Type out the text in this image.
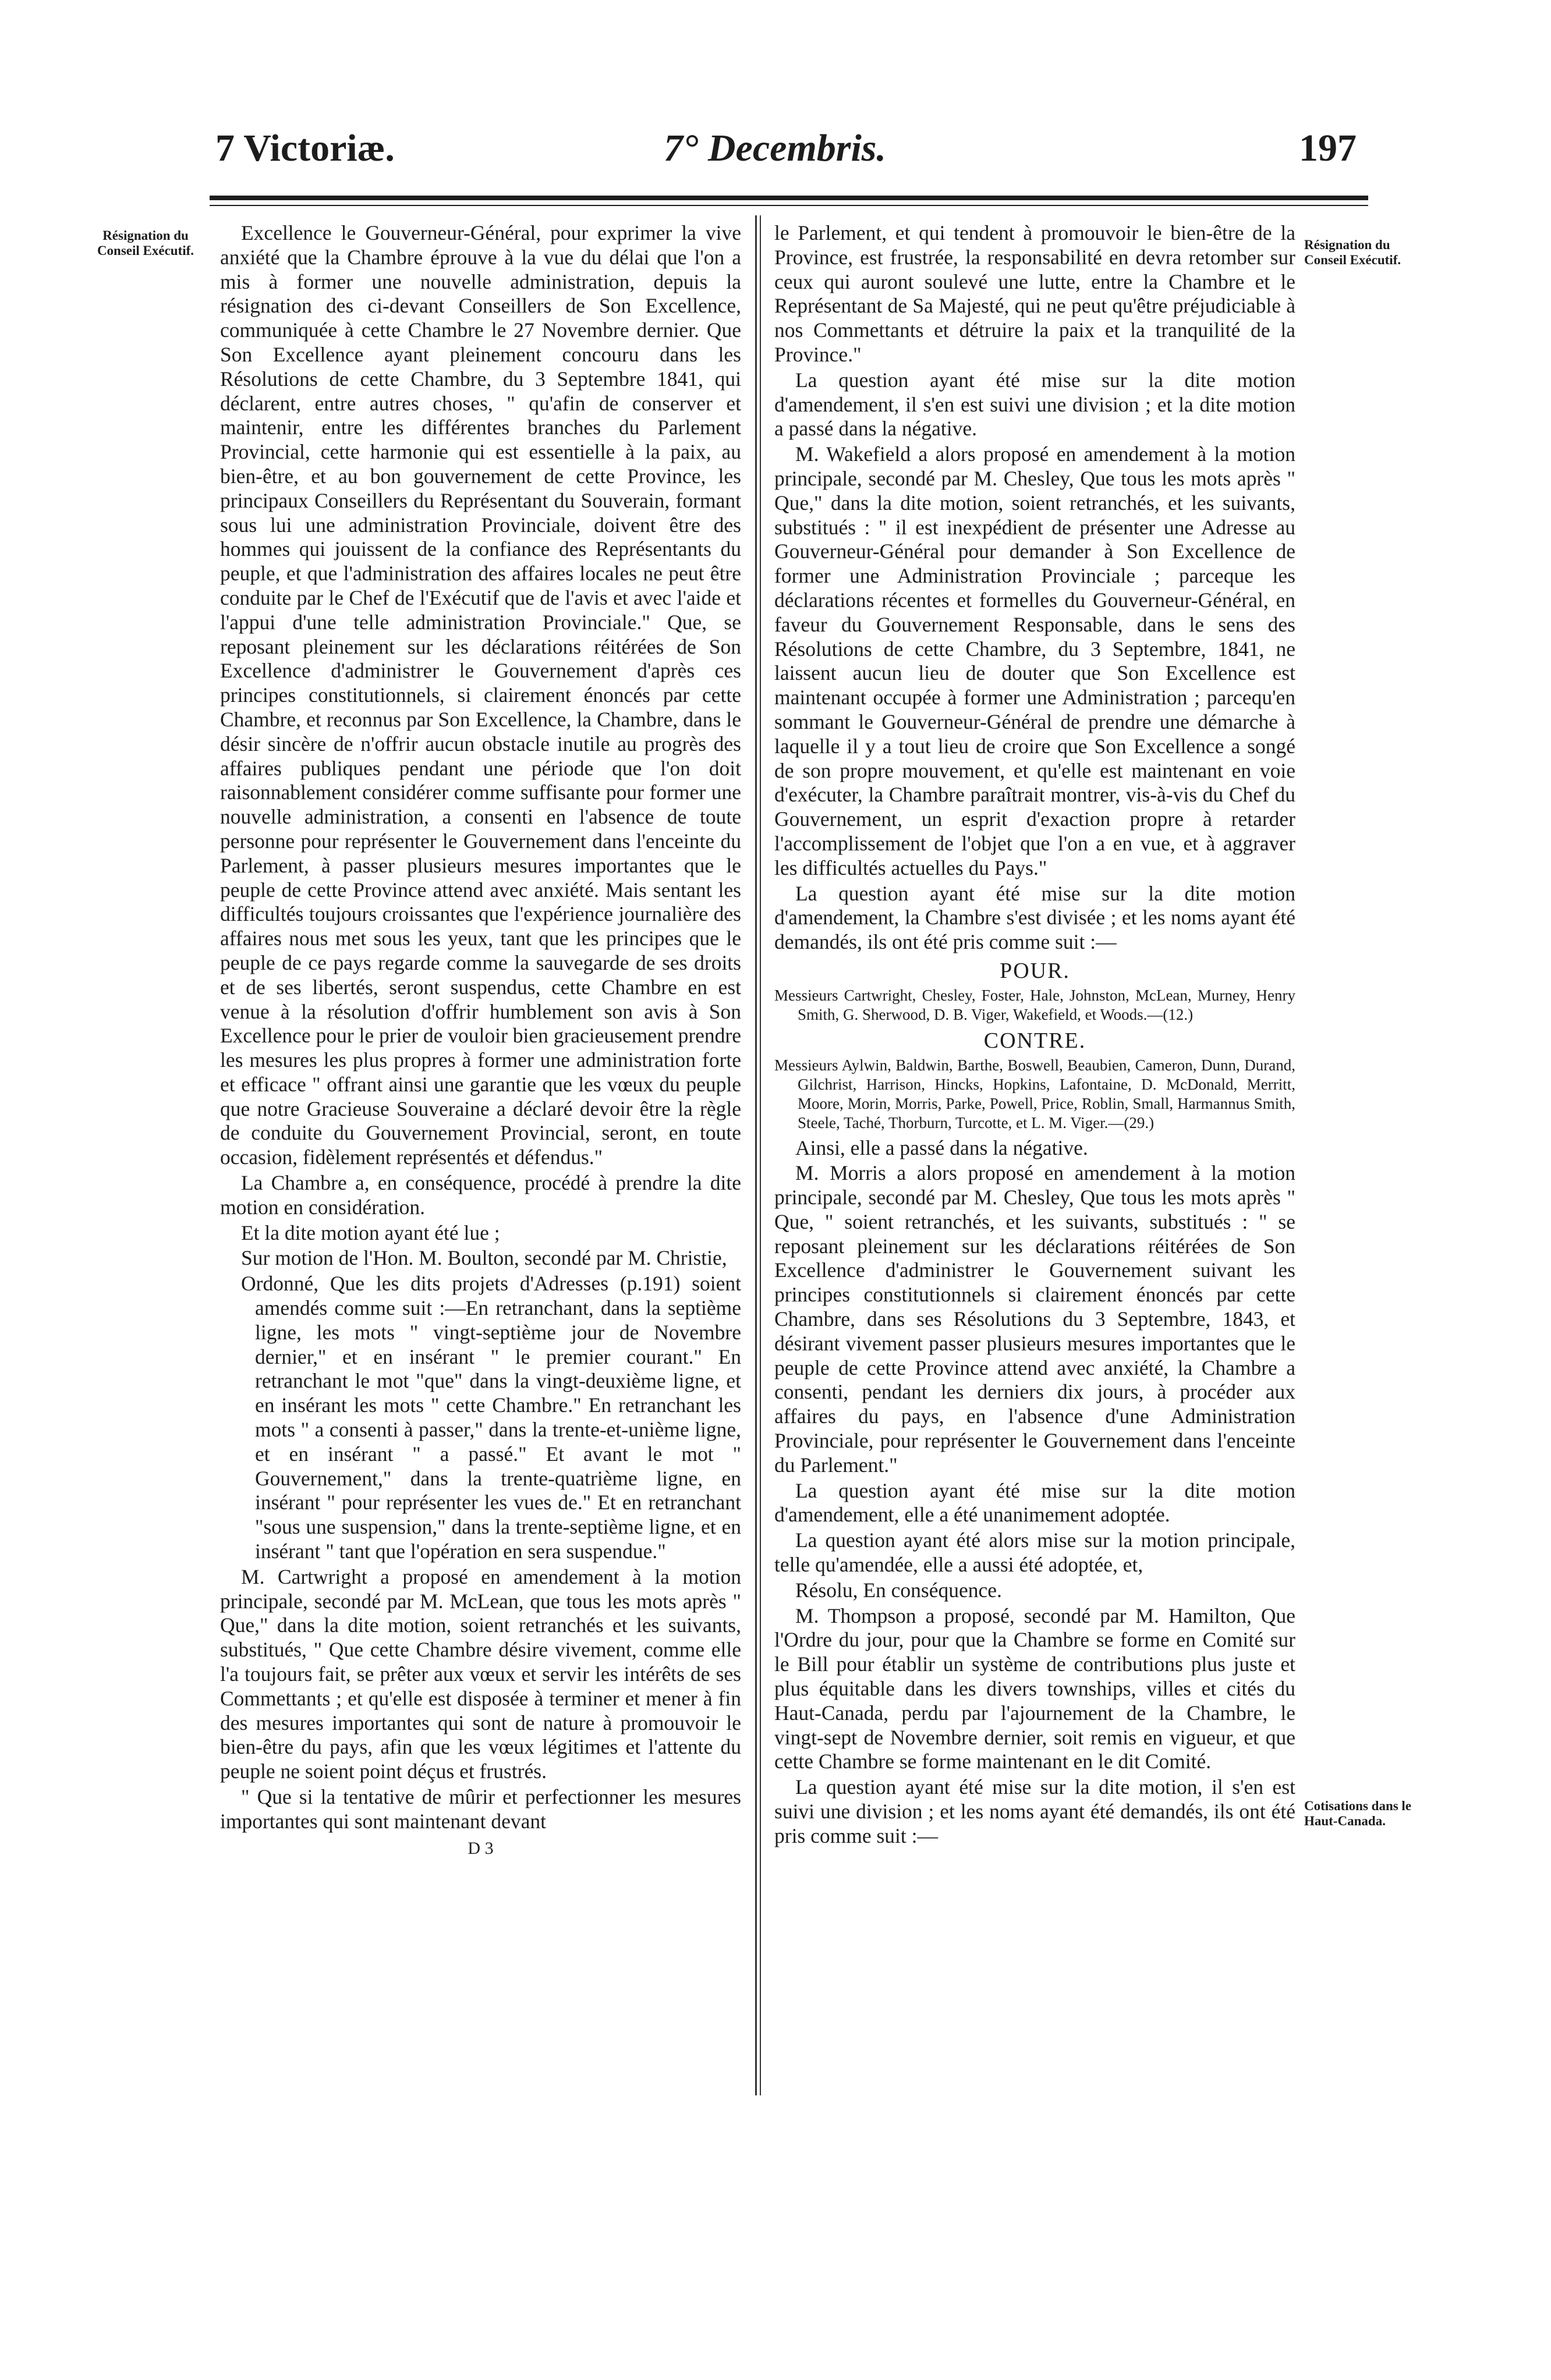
7 Victoriæ.	7° Decembris.	197
Résignation du Conseil Exécutif.	Résignation du Conseil Exécutif.
Cotisations dans le Haut-Canada.

Excellence le Gouverneur-Général, pour exprimer la vive anxiété que la Chambre éprouve à la vue du délai que l'on a mis à former une nouvelle administration, depuis la résignation des ci-devant Conseillers de Son Excellence, communiquée à cette Chambre le 27 Novembre dernier. Que Son Excellence ayant pleinement concouru dans les Résolutions de cette Chambre, du 3 Septembre 1841, qui déclarent, entre autres choses, " qu'afin de conserver et maintenir, entre les différentes branches du Parlement Provincial, cette harmonie qui est essentielle à la paix, au bien-être, et au bon gouvernement de cette Province, les principaux Conseillers du Représentant du Souverain, formant sous lui une administration Provinciale, doivent être des hommes qui jouissent de la confiance des Représentants du peuple, et que l'administration des affaires locales ne peut être conduite par le Chef de l'Exécutif que de l'avis et avec l'aide et l'appui d'une telle administration Provinciale." Que, se reposant pleinement sur les déclarations réitérées de Son Excellence d'administrer le Gouvernement d'après ces principes constitutionnels, si clairement énoncés par cette Chambre, et reconnus par Son Excellence, la Chambre, dans le désir sincère de n'offrir aucun obstacle inutile au progrès des affaires publiques pendant une période que l'on doit raisonnablement considérer comme suffisante pour former une nouvelle administration, a consenti en l'absence de toute personne pour représenter le Gouvernement dans l'enceinte du Parlement, à passer plusieurs mesures importantes que le peuple de cette Province attend avec anxiété. Mais sentant les difficultés toujours croissantes que l'expérience journalière des affaires nous met sous les yeux, tant que les principes que le peuple de ce pays regarde comme la sauvegarde de ses droits et de ses libertés, seront suspendus, cette Chambre en est venue à la résolution d'offrir humblement son avis à Son Excellence pour le prier de vouloir bien gracieusement prendre les mesures les plus propres à former une administration forte et efficace " offrant ainsi une garantie que les vœux du peuple que notre Gracieuse Souveraine a déclaré devoir être la règle de conduite du Gouvernement Provincial, seront, en toute occasion, fidèlement représentés et défendus."

La Chambre a, en conséquence, procédé à prendre la dite motion en considération.

Et la dite motion ayant été lue ;

Sur motion de l'Hon. M. Boulton, secondé par M. Christie,

Ordonné, Que les dits projets d'Adresses (p.191) soient amendés comme suit :—En retranchant, dans la septième ligne, les mots " vingt-septième jour de Novembre dernier," et en insérant " le premier courant." En retranchant le mot "que" dans la vingt-deuxième ligne, et en insérant les mots " cette Chambre." En retranchant les mots " a consenti à passer," dans la trente-et-unième ligne, et en insérant " a passé." Et avant le mot " Gouvernement," dans la trente-quatrième ligne, en insérant " pour représenter les vues de." Et en retranchant "sous une suspension," dans la trente-septième ligne, et en insérant " tant que l'opération en sera suspendue."

M. Cartwright a proposé en amendement à la motion principale, secondé par M. McLean, que tous les mots après " Que," dans la dite motion, soient retranchés et les suivants, substitués, " Que cette Chambre désire vivement, comme elle l'a toujours fait, se prêter aux vœux et servir les intérêts de ses Commettants ; et qu'elle est disposée à terminer et mener à fin des mesures importantes qui sont de nature à promouvoir le bien-être du pays, afin que les vœux légitimes et l'attente du peuple ne soient point déçus et frustrés.

" Que si la tentative de mûrir et perfectionner les mesures importantes qui sont maintenant devant

D 3

le Parlement, et qui tendent à promouvoir le bien-être de la Province, est frustrée, la responsabilité en devra retomber sur ceux qui auront soulevé une lutte, entre la Chambre et le Représentant de Sa Majesté, qui ne peut qu'être préjudiciable à nos Commettants et détruire la paix et la tranquilité de la Province."

La question ayant été mise sur la dite motion d'amendement, il s'en est suivi une division ; et la dite motion a passé dans la négative.

M. Wakefield a alors proposé en amendement à la motion principale, secondé par M. Chesley, Que tous les mots après " Que," dans la dite motion, soient retranchés, et les suivants, substitués : " il est inexpédient de présenter une Adresse au Gouverneur-Général pour demander à Son Excellence de former une Administration Provinciale ; parceque les déclarations récentes et formelles du Gouverneur-Général, en faveur du Gouvernement Responsable, dans le sens des Résolutions de cette Chambre, du 3 Septembre, 1841, ne laissent aucun lieu de douter que Son Excellence est maintenant occupée à former une Administration ; parcequ'en sommant le Gouverneur-Général de prendre une démarche à laquelle il y a tout lieu de croire que Son Excellence a songé de son propre mouvement, et qu'elle est maintenant en voie d'exécuter, la Chambre paraîtrait montrer, vis-à-vis du Chef du Gouvernement, un esprit d'exaction propre à retarder l'accomplissement de l'objet que l'on a en vue, et à aggraver les difficultés actuelles du Pays."

La question ayant été mise sur la dite motion d'amendement, la Chambre s'est divisée ; et les noms ayant été demandés, ils ont été pris comme suit :—

POUR.

Messieurs Cartwright, Chesley, Foster, Hale, Johnston, McLean, Murney, Henry Smith, G. Sherwood, D. B. Viger, Wakefield, et Woods.—(12.)

CONTRE.

Messieurs Aylwin, Baldwin, Barthe, Boswell, Beaubien, Cameron, Dunn, Durand, Gilchrist, Harrison, Hincks, Hopkins, Lafontaine, D. McDonald, Merritt, Moore, Morin, Morris, Parke, Powell, Price, Roblin, Small, Harmannus Smith, Steele, Taché, Thorburn, Turcotte, et L. M. Viger.—(29.)

Ainsi, elle a passé dans la négative.

M. Morris a alors proposé en amendement à la motion principale, secondé par M. Chesley, Que tous les mots après " Que, " soient retranchés, et les suivants, substitués : " se reposant pleinement sur les déclarations réitérées de Son Excellence d'administrer le Gouvernement suivant les principes constitutionnels si clairement énoncés par cette Chambre, dans ses Résolutions du 3 Septembre, 1843, et désirant vivement passer plusieurs mesures importantes que le peuple de cette Province attend avec anxiété, la Chambre a consenti, pendant les derniers dix jours, à procéder aux affaires du pays, en l'absence d'une Administration Provinciale, pour représenter le Gouvernement dans l'enceinte du Parlement."

La question ayant été mise sur la dite motion d'amendement, elle a été unanimement adoptée.

La question ayant été alors mise sur la motion principale, telle qu'amendée, elle a aussi été adoptée, et,

Résolu, En conséquence.

M. Thompson a proposé, secondé par M. Hamilton, Que l'Ordre du jour, pour que la Chambre se forme en Comité sur le Bill pour établir un système de contributions plus juste et plus équitable dans les divers townships, villes et cités du Haut-Canada, perdu par l'ajournement de la Chambre, le vingt-sept de Novembre dernier, soit remis en vigueur, et que cette Chambre se forme maintenant en le dit Comité.

La question ayant été mise sur la dite motion, il s'en est suivi une division ; et les noms ayant été demandés, ils ont été pris comme suit :—
